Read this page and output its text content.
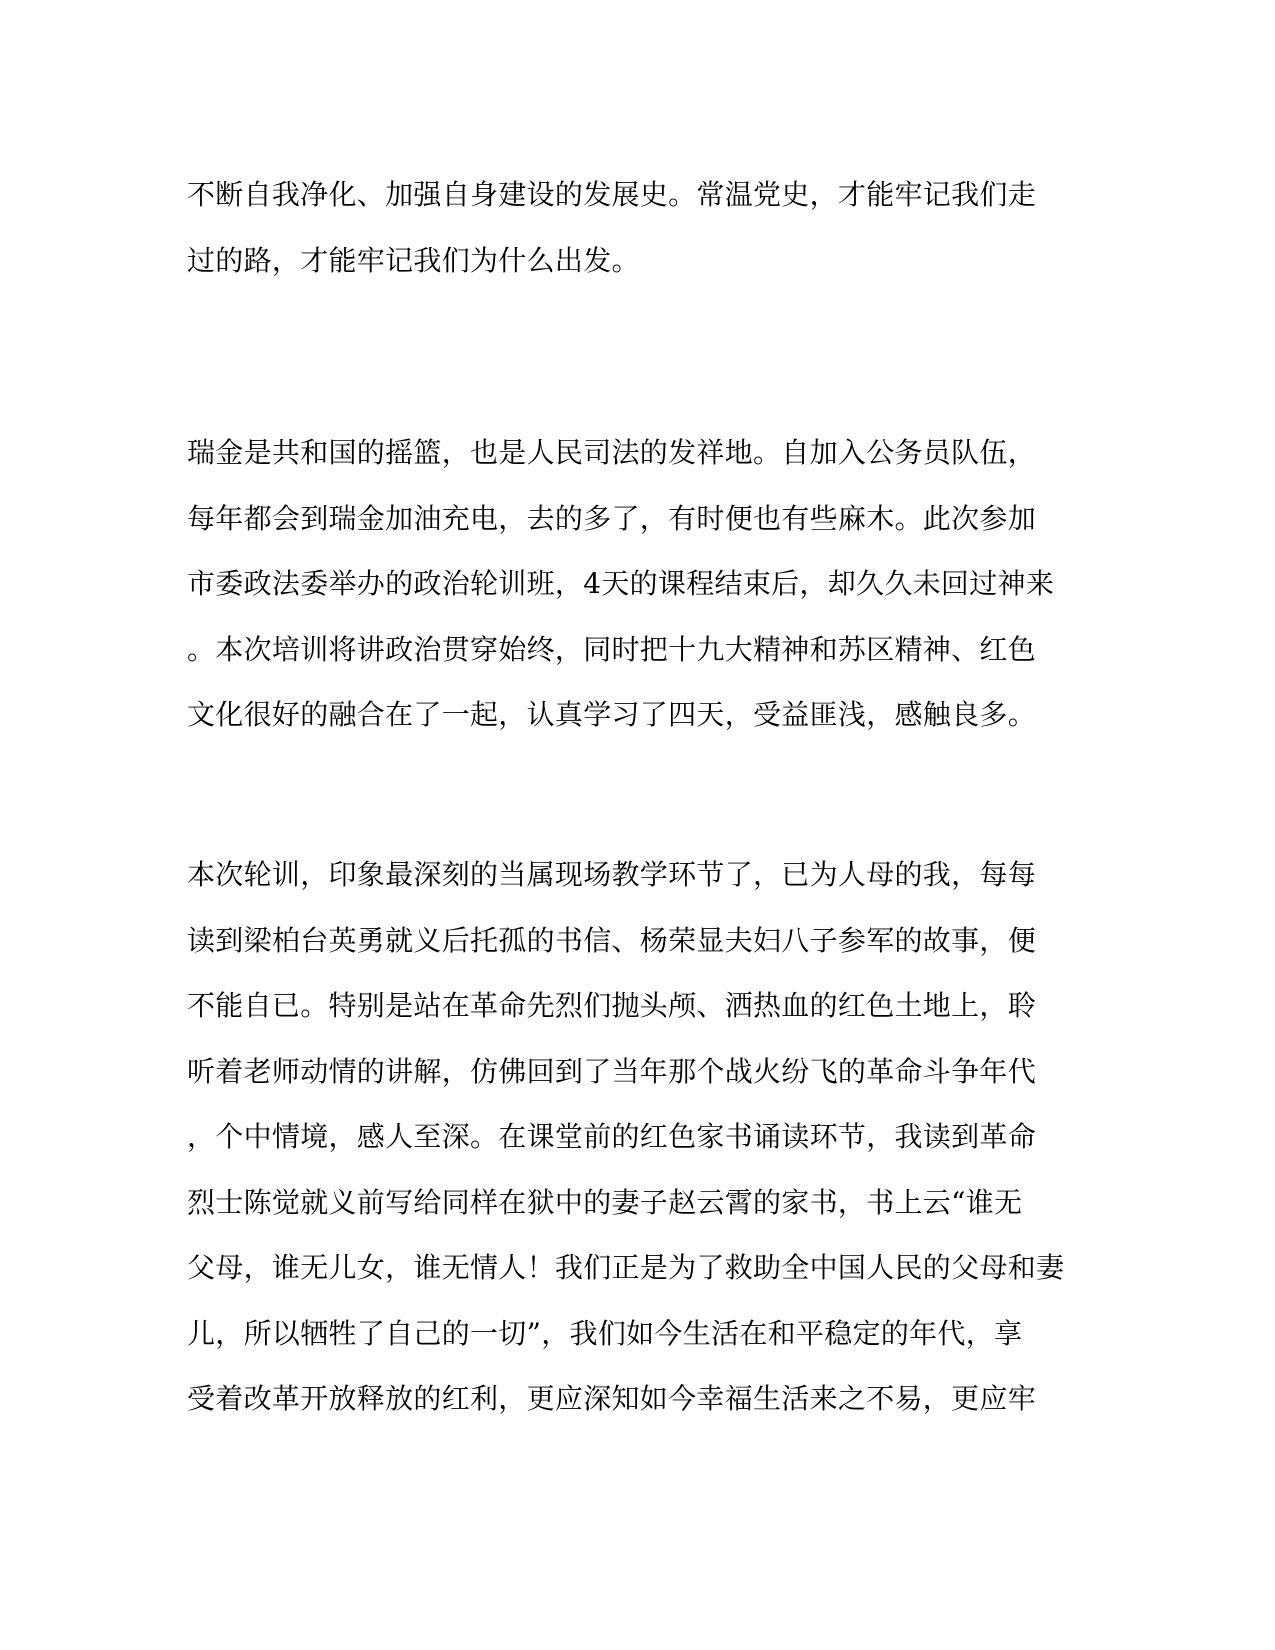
不断自我净化、加强自身建设的发展史。常温党史，才能牢记我们走
过的路，才能牢记我们为什么出发。
瑞金是共和国的摇篮，也是人民司法的发祥地。自加入公务员队伍，
每年都会到瑞金加油充电，去的多了，有时便也有些麻木。此次参加
市委政法委举办的政治轮训班，4天的课程结束后，却久久未回过神来
。本次培训将讲政治贯穿始终，同时把十九大精神和苏区精神、红色
文化很好的融合在了一起，认真学习了四天，受益匪浅，感触良多。
本次轮训，印象最深刻的当属现场教学环节了，已为人母的我，每每
读到梁柏台英勇就义后托孤的书信、杨荣显夫妇八子参军的故事，便
不能自已。特别是站在革命先烈们抛头颅、洒热血的红色土地上，聆
听着老师动情的讲解，仿佛回到了当年那个战火纷飞的革命斗争年代
，个中情境，感人至深。在课堂前的红色家书诵读环节，我读到革命
烈士陈觉就义前写给同样在狱中的妻子赵云霄的家书，书上云“谁无
父母，谁无儿女，谁无情人！我们正是为了救助全中国人民的父母和妻
儿，所以牺牲了自己的一切”，我们如今生活在和平稳定的年代，享
受着改革开放释放的红利，更应深知如今幸福生活来之不易，更应牢
